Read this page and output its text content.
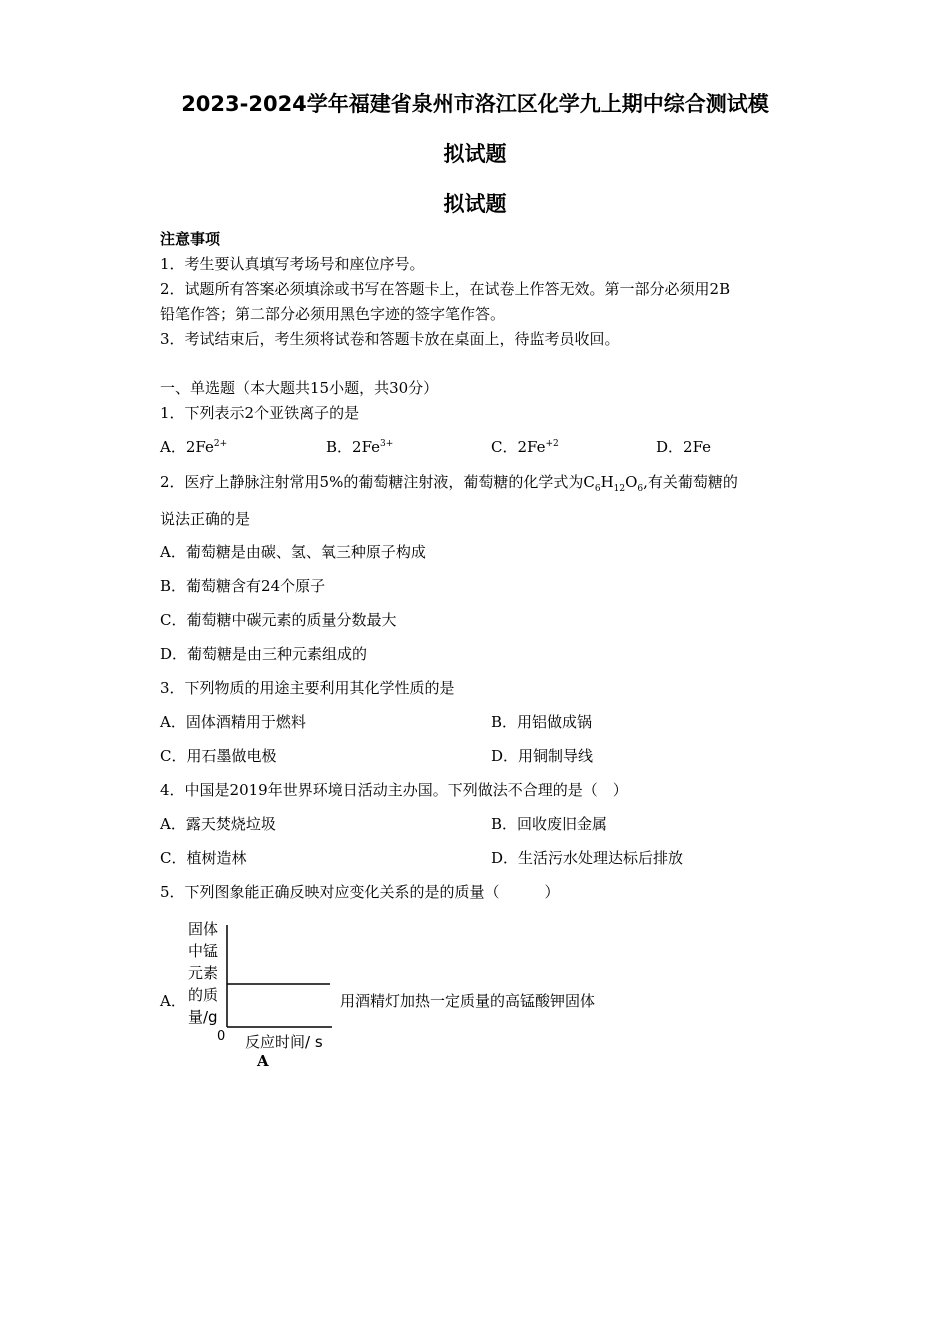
2023-2024学年福建省泉州市洛江区化学九上期中综合测试模
拟试题
拟试题
注意事项
1．考生要认真填写考场号和座位序号。
2．试题所有答案必须填涂或书写在答题卡上，在试卷上作答无效。第一部分必须用2B
铅笔作答；第二部分必须用黑色字迹的签字笔作答。
3．考试结束后，考生须将试卷和答题卡放在桌面上，待监考员收回。
一、单选题（本大题共15小题，共30分）
1．下列表示2个亚铁离子的是
A．$2Fe^{2+}$	B．$2Fe^{3+}$	C．$2Fe^{+2}$	D．2Fe
2．医疗上静脉注射常用5%的葡萄糖注射液，葡萄糖的化学式为$C_6H_{12}O_6$,有关葡萄糖的
说法正确的是
A．葡萄糖是由碳、氢、氧三种原子构成
B．葡萄糖含有24个原子
C．葡萄糖中碳元素的质量分数最大
D．葡萄糖是由三种元素组成的
3．下列物质的用途主要利用其化学性质的是
A．固体酒精用于燃料	B．用铝做成锅
C．用石墨做电极	D．用铜制导线
4．中国是2019年世界环境日活动主办国。下列做法不合理的是（　）
A．露天焚烧垃圾	B．回收废旧金属
C．植树造林	D．生活污水处理达标后排放
5．下列图象能正确反映对应变化关系的是的质量（　　　）
固体
中锰
元素
的质
量/g
0 反应时间/ s
A
A．	用酒精灯加热一定质量的高锰酸钾固体
